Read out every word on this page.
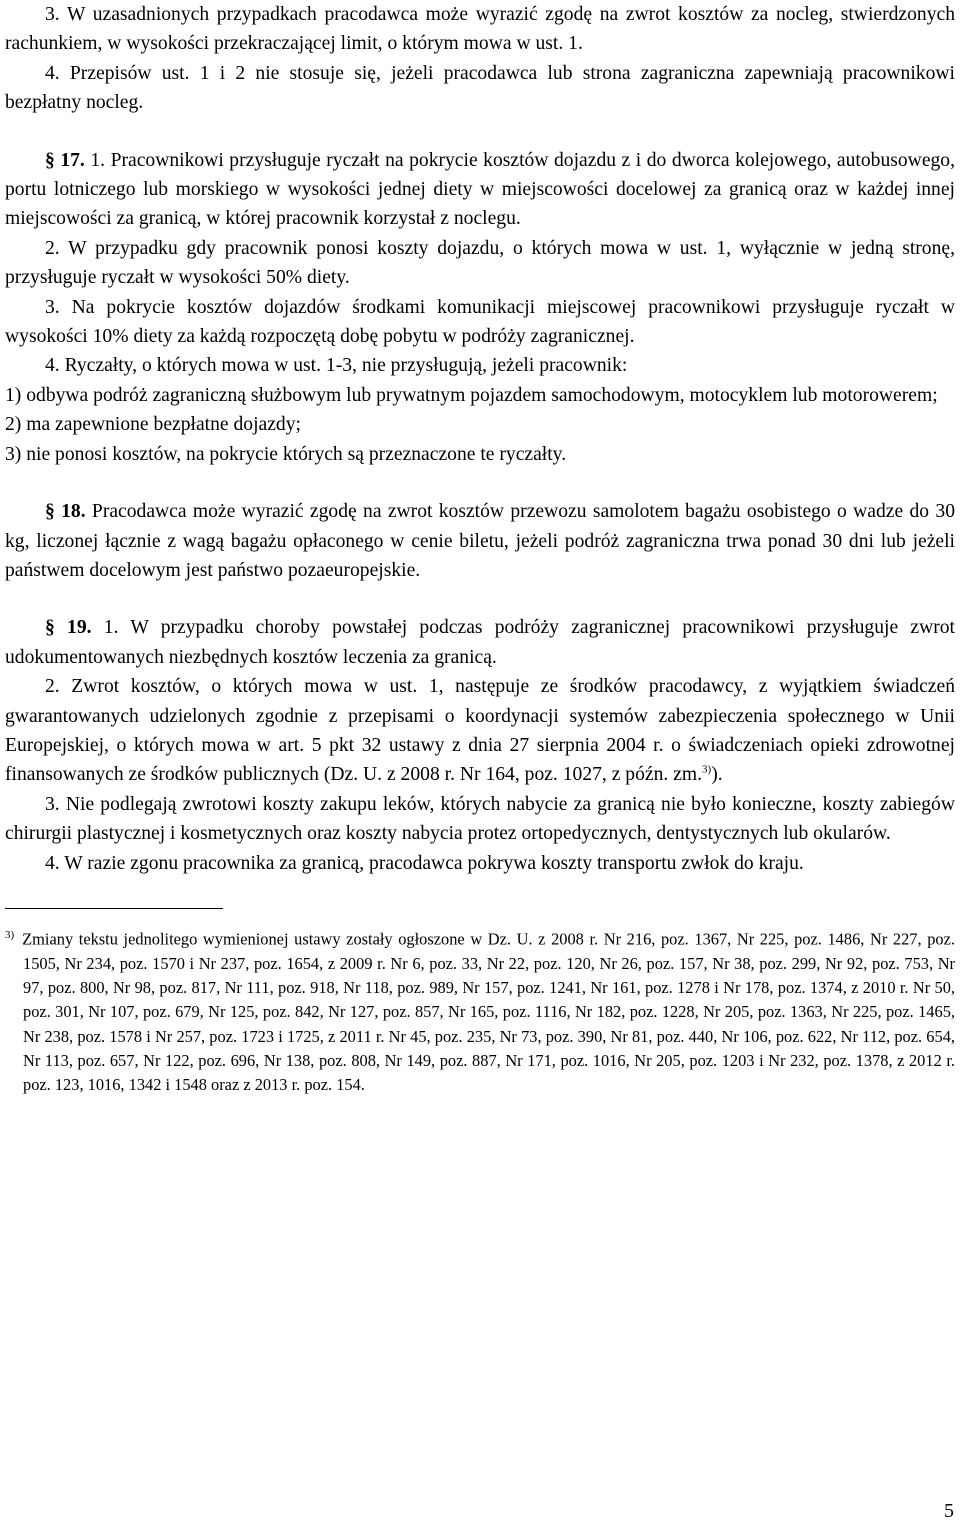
3. W uzasadnionych przypadkach pracodawca może wyrazić zgodę na zwrot kosztów za nocleg, stwierdzonych rachunkiem, w wysokości przekraczającej limit, o którym mowa w ust. 1.

4. Przepisów ust. 1 i 2 nie stosuje się, jeżeli pracodawca lub strona zagraniczna zapewniają pracownikowi bezpłatny nocleg.

§ 17. 1. Pracownikowi przysługuje ryczałt na pokrycie kosztów dojazdu z i do dworca kolejowego, autobusowego, portu lotniczego lub morskiego w wysokości jednej diety w miejscowości docelowej za granicą oraz w każdej innej miejscowości za granicą, w której pracownik korzystał z noclegu.

2. W przypadku gdy pracownik ponosi koszty dojazdu, o których mowa w ust. 1, wyłącznie w jedną stronę, przysługuje ryczałt w wysokości 50% diety.

3. Na pokrycie kosztów dojazdów środkami komunikacji miejscowej pracownikowi przysługuje ryczałt w wysokości 10% diety za każdą rozpoczętą dobę pobytu w podróży zagranicznej.

4. Ryczałty, o których mowa w ust. 1-3, nie przysługują, jeżeli pracownik:

1) odbywa podróż zagraniczną służbowym lub prywatnym pojazdem samochodowym, motocyklem lub motorowerem;

2) ma zapewnione bezpłatne dojazdy;

3) nie ponosi kosztów, na pokrycie których są przeznaczone te ryczałty.

§ 18. Pracodawca może wyrazić zgodę na zwrot kosztów przewozu samolotem bagażu osobistego o wadze do 30 kg, liczonej łącznie z wagą bagażu opłaconego w cenie biletu, jeżeli podróż zagraniczna trwa ponad 30 dni lub jeżeli państwem docelowym jest państwo pozaeuropejskie.

§ 19. 1. W przypadku choroby powstałej podczas podróży zagranicznej pracownikowi przysługuje zwrot udokumentowanych niezbędnych kosztów leczenia za granicą.

2. Zwrot kosztów, o których mowa w ust. 1, następuje ze środków pracodawcy, z wyjątkiem świadczeń gwarantowanych udzielonych zgodnie z przepisami o koordynacji systemów zabezpieczenia społecznego w Unii Europejskiej, o których mowa w art. 5 pkt 32 ustawy z dnia 27 sierpnia 2004 r. o świadczeniach opieki zdrowotnej finansowanych ze środków publicznych (Dz. U. z 2008 r. Nr 164, poz. 1027, z późn. zm.$^{3)}$).

3. Nie podlegają zwrotowi koszty zakupu leków, których nabycie za granicą nie było konieczne, koszty zabiegów chirurgii plastycznej i kosmetycznych oraz koszty nabycia protez ortopedycznych, dentystycznych lub okularów.

4. W razie zgonu pracownika za granicą, pracodawca pokrywa koszty transportu zwłok do kraju.

$^{3)}$ Zmiany tekstu jednolitego wymienionej ustawy zostały ogłoszone w Dz. U. z 2008 r. Nr 216, poz. 1367, Nr 225, poz. 1486, Nr 227, poz. 1505, Nr 234, poz. 1570 i Nr 237, poz. 1654, z 2009 r. Nr 6, poz. 33, Nr 22, poz. 120, Nr 26, poz. 157, Nr 38, poz. 299, Nr 92, poz. 753, Nr 97, poz. 800, Nr 98, poz. 817, Nr 111, poz. 918, Nr 118, poz. 989, Nr 157, poz. 1241, Nr 161, poz. 1278 i Nr 178, poz. 1374, z 2010 r. Nr 50, poz. 301, Nr 107, poz. 679, Nr 125, poz. 842, Nr 127, poz. 857, Nr 165, poz. 1116, Nr 182, poz. 1228, Nr 205, poz. 1363, Nr 225, poz. 1465, Nr 238, poz. 1578 i Nr 257, poz. 1723 i 1725, z 2011 r. Nr 45, poz. 235, Nr 73, poz. 390, Nr 81, poz. 440, Nr 106, poz. 622, Nr 112, poz. 654, Nr 113, poz. 657, Nr 122, poz. 696, Nr 138, poz. 808, Nr 149, poz. 887, Nr 171, poz. 1016, Nr 205, poz. 1203 i Nr 232, poz. 1378, z 2012 r. poz. 123, 1016, 1342 i 1548 oraz z 2013 r. poz. 154.

5
